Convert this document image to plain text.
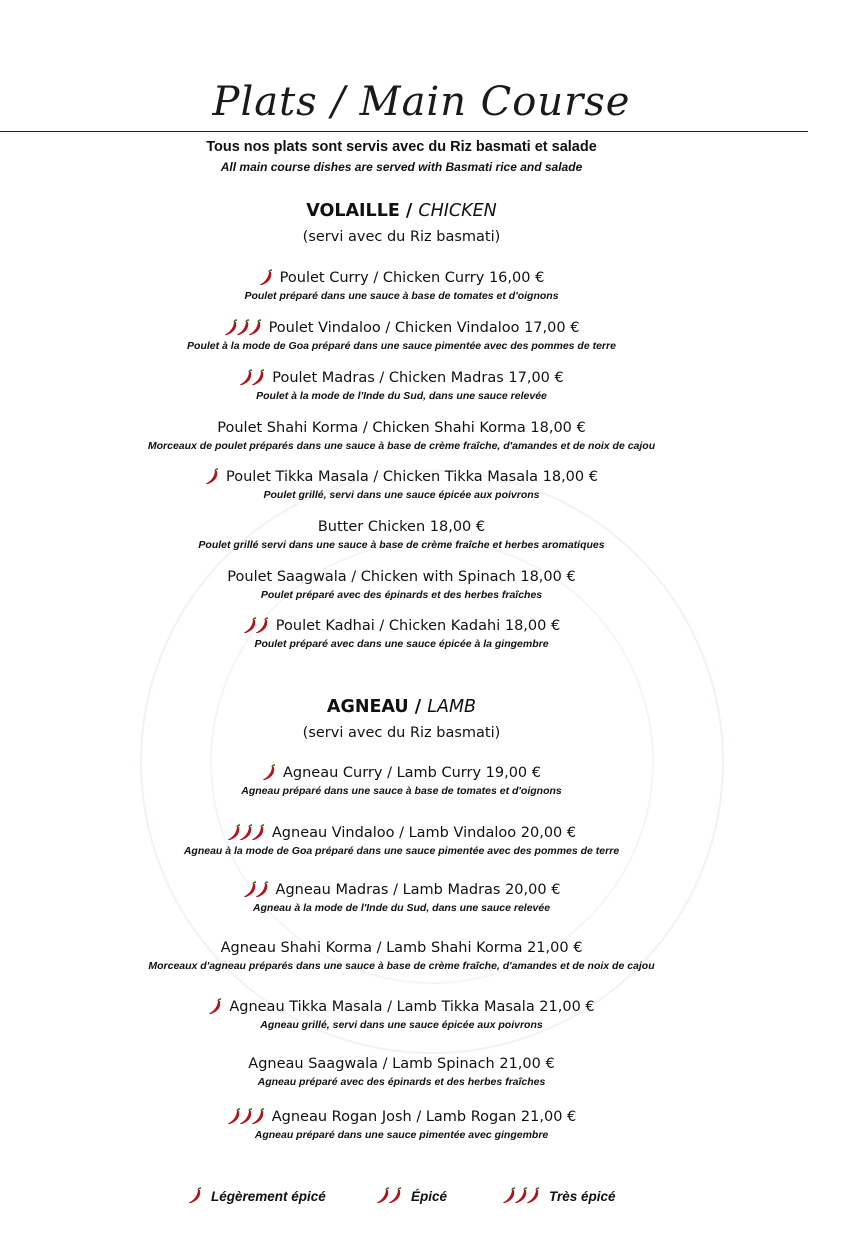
Plats / Main Course
Tous nos plats sont servis avec du Riz basmati et salade
All main course dishes are served with Basmati rice and salade
VOLAILLE / CHICKEN
(servi avec du Riz basmati)
Poulet Curry / Chicken Curry 16,00 €
Poulet préparé dans une sauce à base de tomates et d'oignons
Poulet Vindaloo / Chicken Vindaloo 17,00 €
Poulet à la mode de Goa préparé dans une sauce pimentée avec des pommes de terre
Poulet Madras / Chicken Madras 17,00 €
Poulet à la mode de l'Inde du Sud, dans une sauce relevée
Poulet Shahi Korma / Chicken Shahi Korma 18,00 €
Morceaux de poulet préparés dans une sauce à base de crème fraîche, d'amandes et de noix de cajou
Poulet Tikka Masala / Chicken Tikka Masala 18,00 €
Poulet grillé, servi dans une sauce épicée aux poivrons
Butter Chicken 18,00 €
Poulet grillé servi dans une sauce à base de crème fraîche et herbes aromatiques
Poulet Saagwala / Chicken with Spinach 18,00 €
Poulet préparé avec des épinards et des herbes fraîches
Poulet Kadhai / Chicken Kadahi 18,00 €
Poulet préparé avec dans une sauce épicée à la gingembre
AGNEAU / LAMB
(servi avec du Riz basmati)
Agneau Curry / Lamb Curry 19,00 €
Agneau préparé dans une sauce à base de tomates et d'oignons
Agneau Vindaloo / Lamb Vindaloo 20,00 €
Agneau à la mode de Goa préparé dans une sauce pimentée avec des pommes de terre
Agneau Madras / Lamb Madras 20,00 €
Agneau à la mode de l'Inde du Sud, dans une sauce relevée
Agneau Shahi Korma / Lamb Shahi Korma 21,00 €
Morceaux d'agneau préparés dans une sauce à base de crème fraîche, d'amandes et de noix de cajou
Agneau Tikka Masala / Lamb Tikka Masala 21,00 €
Agneau grillé, servi dans une sauce épicée aux poivrons
Agneau Saagwala / Lamb Spinach 21,00 €
Agneau préparé avec des épinards et des herbes fraîches
Agneau Rogan Josh / Lamb Rogan 21,00 €
Agneau préparé dans une sauce pimentée avec gingembre
Légèrement épicé	Épicé	Très épicé
